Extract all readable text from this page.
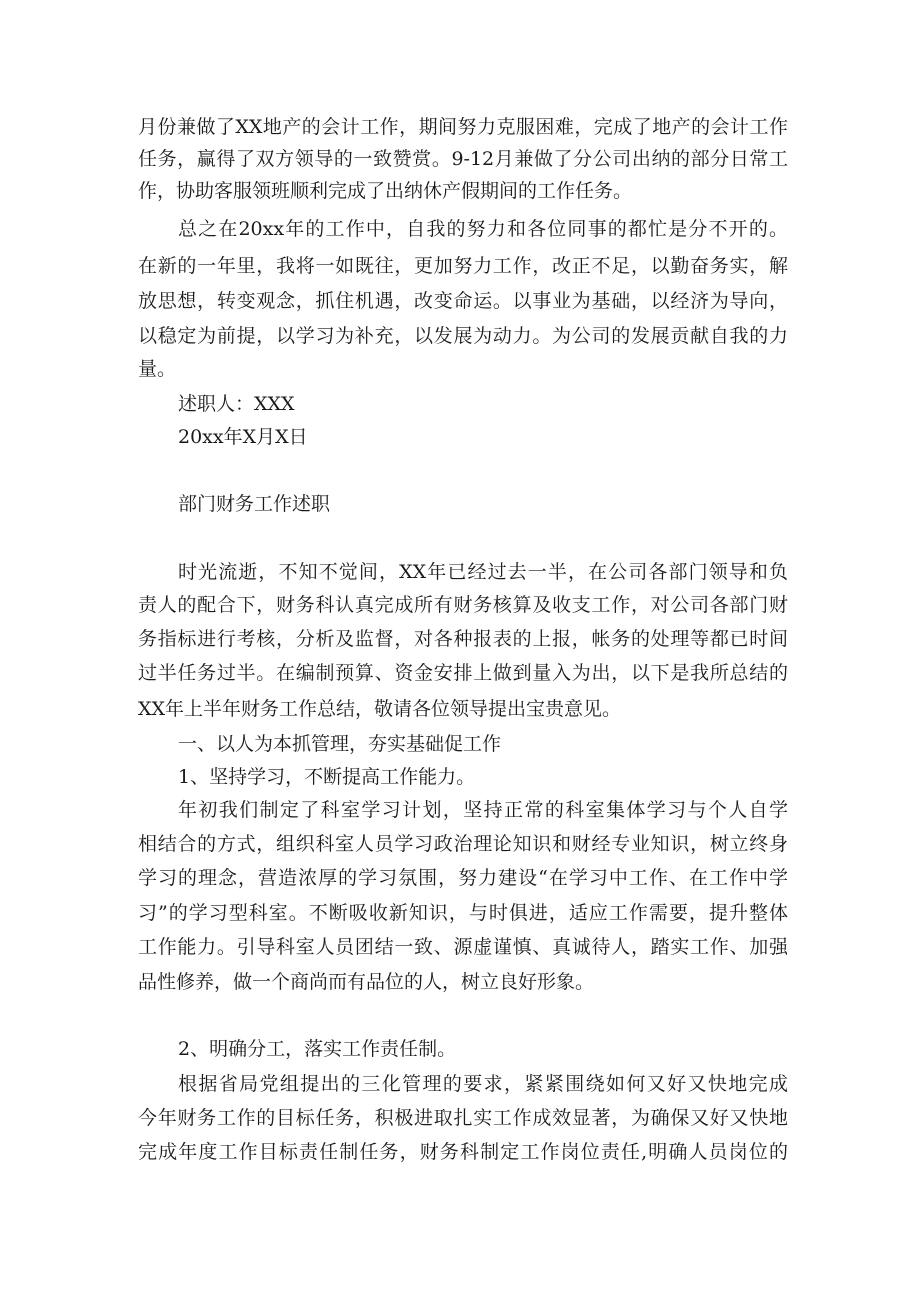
月份兼做了XX地产的会计工作，期间努力克服困难，完成了地产的会计工作
任务，赢得了双方领导的一致赞赏。9-12月兼做了分公司出纳的部分日常工
作，协助客服领班顺利完成了出纳休产假期间的工作任务。
总之在20xx年的工作中，自我的努力和各位同事的都忙是分不开的。
在新的一年里，我将一如既往，更加努力工作，改正不足，以勤奋务实，解
放思想，转变观念，抓住机遇，改变命运。以事业为基础，以经济为导向，
以稳定为前提，以学习为补充，以发展为动力。为公司的发展贡献自我的力
量。
述职人：XXX
20xx年X月X日
部门财务工作述职
时光流逝，不知不觉间，XX年已经过去一半，在公司各部门领导和负
责人的配合下，财务科认真完成所有财务核算及收支工作，对公司各部门财
务指标进行考核，分析及监督，对各种报表的上报，帐务的处理等都已时间
过半任务过半。在编制预算、资金安排上做到量入为出，以下是我所总结的
XX年上半年财务工作总结，敬请各位领导提出宝贵意见。
一、以人为本抓管理，夯实基础促工作
1、坚持学习，不断提高工作能力。
年初我们制定了科室学习计划，坚持正常的科室集体学习与个人自学
相结合的方式，组织科室人员学习政治理论知识和财经专业知识，树立终身
学习的理念，营造浓厚的学习氛围，努力建设“在学习中工作、在工作中学
习”的学习型科室。不断吸收新知识，与时俱进，适应工作需要，提升整体
工作能力。引导科室人员团结一致、源虚谨慎、真诚待人，踏实工作、加强
品性修养，做一个商尚而有品位的人，树立良好形象。
2、明确分工，落实工作责任制。
根据省局党组提出的三化管理的要求，紧紧围绕如何又好又快地完成
今年财务工作的目标任务，积极进取扎实工作成效显著，为确保又好又快地
完成年度工作目标责任制任务，财务科制定工作岗位责任,明确人员岗位的
